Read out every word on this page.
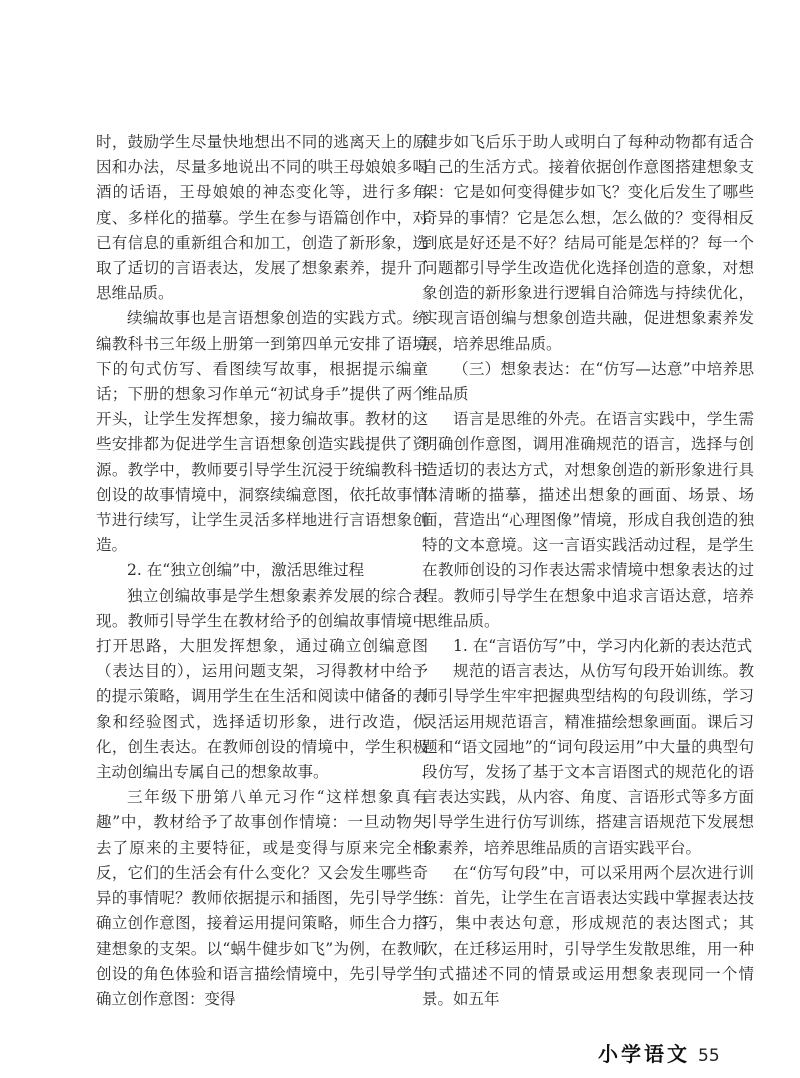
时，鼓励学生尽量快地想出不同的逃离天上的原因和办法，尽量多地说出不同的哄王母娘娘多喝酒的话语，王母娘娘的神态变化等，进行多角度、多样化的描摹。学生在参与语篇创作中，对已有信息的重新组合和加工，创造了新形象，选取了适切的言语表达，发展了想象素养，提升了思维品质。

续编故事也是言语想象创造的实践方式。统编教科书三年级上册第一到第四单元安排了语境下的句式仿写、看图续写故事，根据提示编童话；下册的想象习作单元“初试身手”提供了两个开头，让学生发挥想象，接力编故事。教材的这些安排都为促进学生言语想象创造实践提供了资源。教学中，教师要引导学生沉浸于统编教科书创设的故事情境中，洞察续编意图，依托故事情节进行续写，让学生灵活多样地进行言语想象创造。

2. 在“独立创编”中，激活思维过程

独立创编故事是学生想象素养发展的综合表现。教师引导学生在教材给予的创编故事情境中打开思路，大胆发挥想象，通过确立创编意图（表达目的），运用问题支架，习得教材中给予的提示策略，调用学生在生活和阅读中储备的表象和经验图式，选择适切形象，进行改造，优化，创生表达。在教师创设的情境中，学生积极主动创编出专属自己的想象故事。

三年级下册第八单元习作“这样想象真有趣”中，教材给予了故事创作情境：一旦动物失去了原来的主要特征，或是变得与原来完全相反，它们的生活会有什么变化？又会发生哪些奇异的事情呢？教师依据提示和插图，先引导学生确立创作意图，接着运用提问策略，师生合力搭建想象的支架。以“蜗牛健步如飞”为例，在教师创设的角色体验和语言描绘情境中，先引导学生确立创作意图：变得

健步如飞后乐于助人或明白了每种动物都有适合自己的生活方式。接着依据创作意图搭建想象支架：它是如何变得健步如飞？变化后发生了哪些奇异的事情？它是怎么想，怎么做的？变得相反到底是好还是不好？结局可能是怎样的？每一个问题都引导学生改造优化选择创造的意象，对想象创造的新形象进行逻辑自洽筛选与持续优化，实现言语创编与想象创造共融，促进想象素养发展，培养思维品质。

（三）想象表达：在“仿写—达意”中培养思维品质

语言是思维的外壳。在语言实践中，学生需明确创作意图，调用准确规范的语言，选择与创造适切的表达方式，对想象创造的新形象进行具体清晰的描摹，描述出想象的画面、场景、场面，营造出“心理图像”情境，形成自我创造的独特的文本意境。这一言语实践活动过程，是学生在教师创设的习作表达需求情境中想象表达的过程。教师引导学生在想象中追求言语达意，培养思维品质。

1. 在“言语仿写”中，学习内化新的表达范式

规范的语言表达，从仿写句段开始训练。教师引导学生牢牢把握典型结构的句段训练，学习灵活运用规范语言，精准描绘想象画面。课后习题和“语文园地”的“词句段运用”中大量的典型句段仿写，发扬了基于文本言语图式的规范化的语言表达实践，从内容、角度、言语形式等多方面引导学生进行仿写训练，搭建言语规范下发展想象素养，培养思维品质的言语实践平台。

在“仿写句段”中，可以采用两个层次进行训练：首先，让学生在言语表达实践中掌握表达技巧，集中表达句意，形成规范的表达图式；其次，在迁移运用时，引导学生发散思维，用一种句式描述不同的情景或运用想象表现同一个情景。如五年

小学语文 55
